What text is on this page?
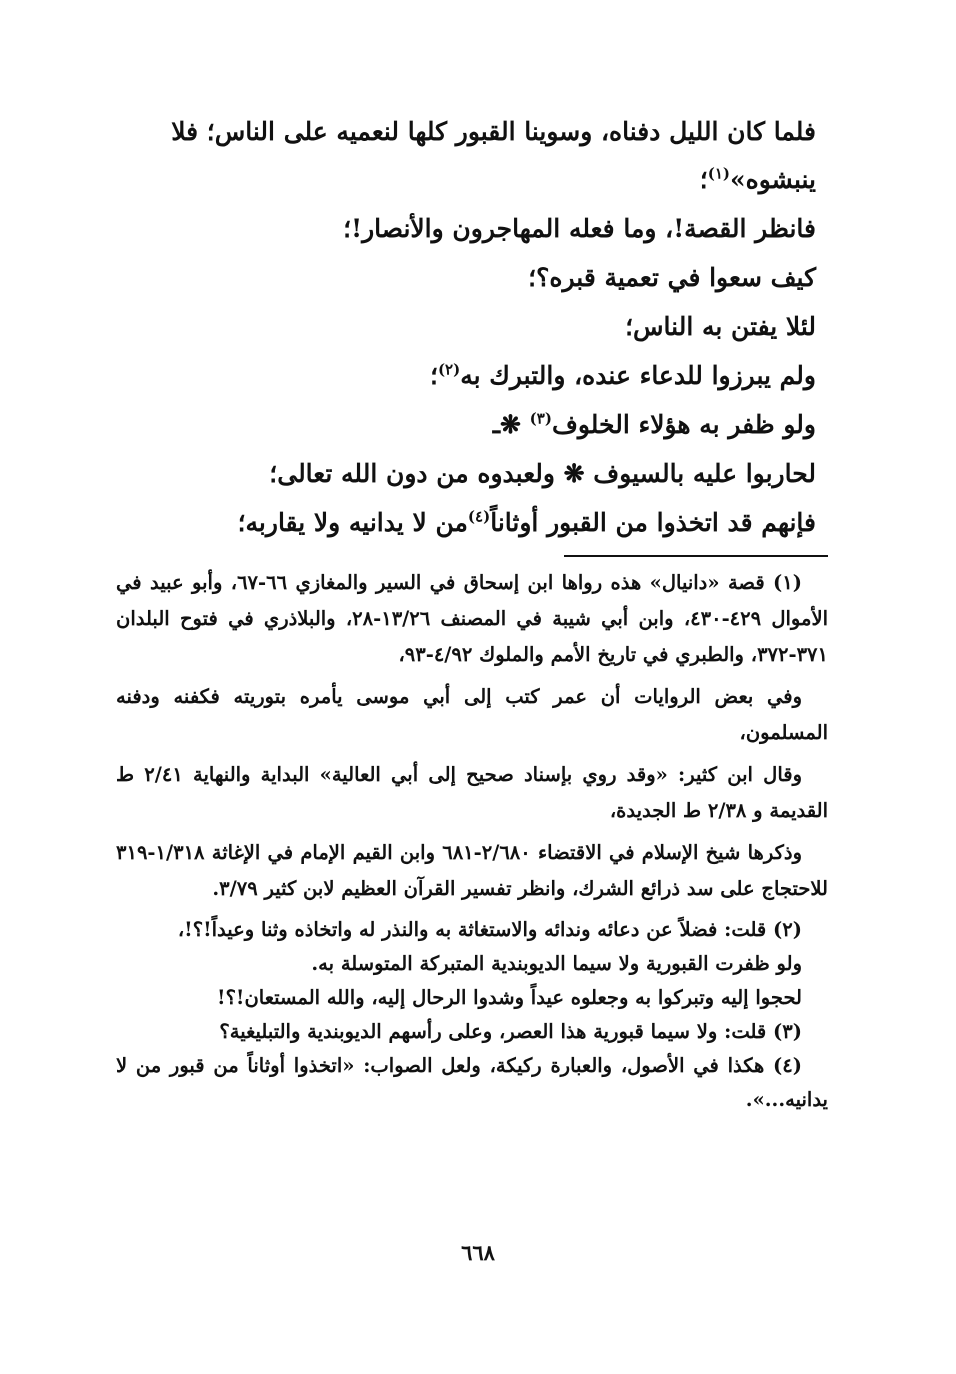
فلما كان الليل دفناه، وسوينا القبور كلها لنعميه على الناس؛ فلا ينبشوه»$^{(١)}$؛

فانظر القصة!، وما فعله المهاجرون والأنصار!؛

كيف سعوا في تعمية قبره؟؛

لئلا يفتن به الناس؛

ولم يبرزوا للدعاء عنده، والتبرك به$^{(٢)}$؛

ولو ظفر به هؤلاء الخلوف$^{(٣)}$ ❋ـ

لحاربوا عليه بالسيوف ❋ ولعبدوه من دون الله تعالى؛

فإنهم قد اتخذوا من القبور أوثاناً$^{(٤)}$من لا يدانيه ولا يقاربه؛

(١) قصة «دانيال» هذه رواها ابن إسحاق في السير والمغازي ٦٦-٦٧، وأبو عبيد في الأموال ٤٢٩-٤٣٠، وابن أبي شيبة في المصنف ١٣/٢٦-٢٨، والبلاذري في فتوح البلدان ٣٧١-٣٧٢، والطبري في تاريخ الأمم والملوك ٤/٩٢-٩٣،

وفي بعض الروايات أن عمر كتب إلى أبي موسى يأمره بتوريته فكفنه ودفنه المسلمون،

وقال ابن كثير: «وقد روي بإسناد صحيح إلى أبي العالية» البداية والنهاية ٢/٤١ ط القديمة و ٢/٣٨ ط الجديدة،

وذكرها شيخ الإسلام في الاقتضاء ٢/٦٨٠-٦٨١ وابن القيم الإمام في الإغاثة ١/٣١٨-٣١٩ للاحتجاج على سد ذرائع الشرك، وانظر تفسير القرآن العظيم لابن كثير ٣/٧٩.

(٢) قلت: فضلاً عن دعائه وندائه والاستغاثة به والنذر له واتخاذه وثنا وعيداً!؟!،

ولو ظفرت القبورية ولا سيما الديوبندية المتبركة المتوسلة به.

لحجوا إليه وتبركوا به وجعلوه عيداً وشدوا الرحال إليه، والله المستعان!؟!

(٣) قلت: ولا سيما قبورية هذا العصر، وعلى رأسهم الديوبندية والتبليغية؟

(٤) هكذا في الأصول، والعبارة ركيكة، ولعل الصواب: «اتخذوا أوثاناً من قبور من لا يدانيه...».

٦٦٨
